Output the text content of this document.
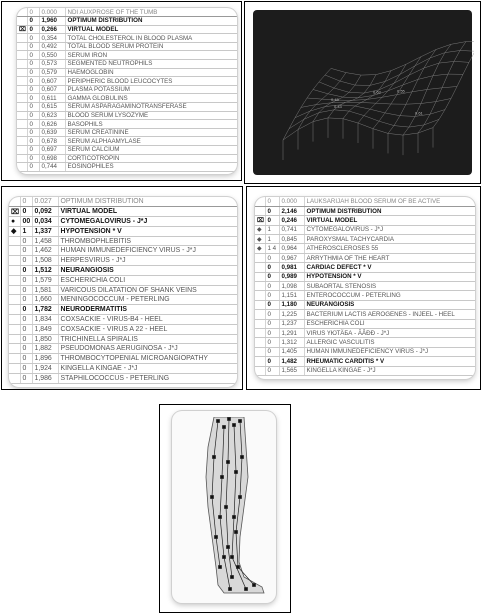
	0	0.000	NDI AUXPROSE OF THE TUMB
	0	1,960	OPTIMUM DISTRIBUTION
⌧	0	0,266	VIRTUAL MODEL
	0	0,354	TOTAL CHOLESTEROL IN BLOOD PLASMA
	0	0,492	TOTAL BLOOD SERUM PROTEIN
	0	0,550	SERUM IRON
	0	0,573	SEGMENTED NEUTROPHILS
	0	0,579	HAEMOGLOBIN
	0	0,607	PERIPHERIC BLOOD LEUCOCYTES
	0	0,607	PLASMA POTASSIUM
	0	0,611	GAMMA GLOBULINS
	0	0,615	SERUM ASPARAGAMINOTRANSFERASE
	0	0,623	BLOOD SERUM LYSOZYME
	0	0,626	BASOPHILS
	0	0,639	SERUM CREATININE
	0	0,678	SERUM ALPHAAMYLASE
	0	0,697	SERUM CALCIUM
	0	0,698	CORTICOTROPIN
	0	0,744	EOSINOPHILES
0.63
0.48
0.55
0.61
0.43
	0	0.027	OPTIMUM DISTRIBUTION
⌧	0	0,092	VIRTUAL MODEL
●	00	0,034	CYTOMEGALOVIRUS - J*J
◆	1	1,337	HYPOTENSION * V
	0	1,458	THROMBOPHLEBITIS
	0	1,462	HUMAN IMMUNEDEFICIENCY VIRUS - J*J
	0	1,508	HERPESVIRUS - J*J
	0	1,512	NEURANGIOSIS
	0	1,579	ESCHERICHIA COLI
	0	1,581	VARICOUS DILATATION OF SHANK VEINS
	0	1,660	MENINGOCOCCUM - PETERLING
	0	1,782	NEURODERMATITIS
	0	1,834	COXSACKIE - VIRUS-B4 - HEEL
	0	1,849	COXSACKIE - VIRUS A 22 - HEEL
	0	1,850	TRICHINELLA SPIRALIS
	0	1,882	PSEUDOMONAS AERUGINOSA - J*J
	0	1,896	THROMBOCYTOPENIAL MICROANGIOPATHY
	0	1,924	KINGELLA KINGAE - J*J
	0	1,986	STAPHILOCOCCUS - PETERLING
	0	0.000	LAUKSARIJAH BLOOD SERUM OF BE ACTIVE
	0	2,146	OPTIMUM DISTRIBUTION
⌧	0	0,246	VIRTUAL MODEL
◆	1	0,741	CYTOMEGALOVIRUS - J*J
◆	1	0,845	PAROXYSMAL TACHYCARDIA
◆	1 4	0,964	ATHEROSCLEROSES 55
	0	0,967	ARRYTHMIA OF THE HEART
	0	0,981	CARDIAC DEFECT * V
	0	0,989	HYPOTENSION * V
	0	1,098	SUBAORTAL STENOSIS
	0	1,151	ENTEROCOCCUM - PETERLING
	0	1,180	NEURANGIOSIS
	0	1,225	BACTERIUM LACTIS AEROGENES - INJEEL - HEEL
	0	1,237	ESCHERICHIA COLI
	0	1,291	VIRUS ҮЮТӒБА - ĀÂĐĐ - J*J
	0	1,312	ALLERGIC VASCULITIS
	0	1,405	HUMAN IMMUNEDEFICIENCY VIRUS - J*J
	0	1,482	RHEUMATIC CARDITIS * V
	0	1,565	KINGELLA KINGAE - J*J
